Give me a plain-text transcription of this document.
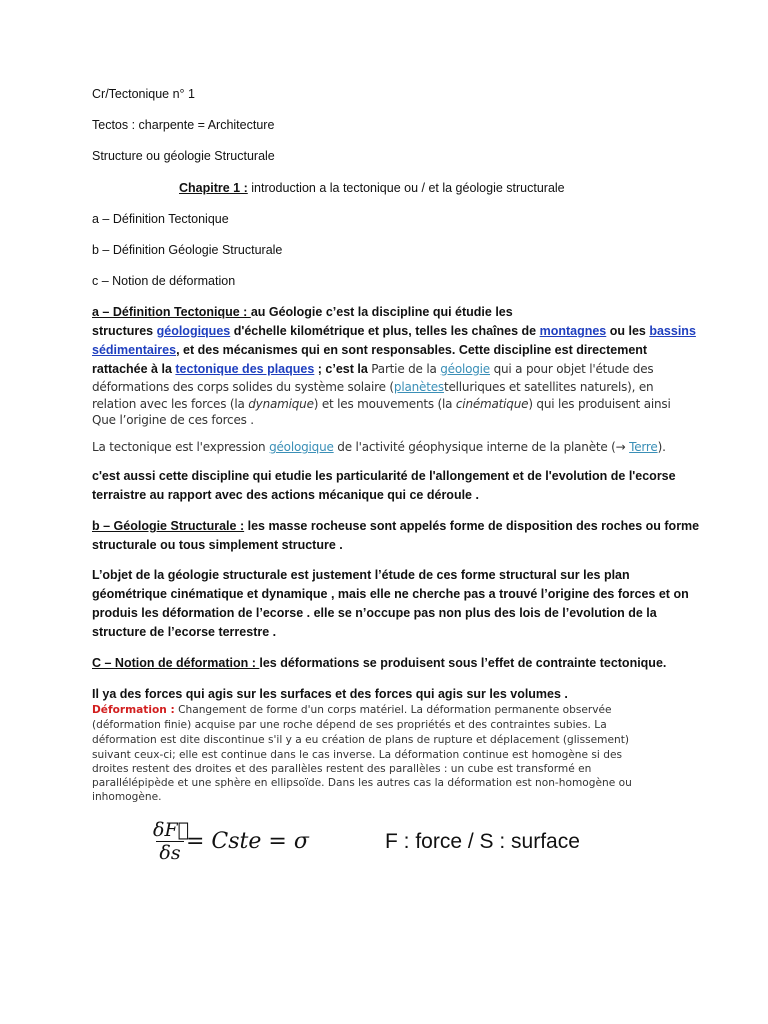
Cr/Tectonique n° 1
Tectos : charpente = Architecture
Structure ou géologie Structurale
Chapitre 1 : introduction a la tectonique ou / et la géologie structurale
a – Définition Tectonique
b – Définition Géologie Structurale
c – Notion de déformation
a – Définition Tectonique : au Géologie c’est la discipline qui étudie les
structures géologiques d'échelle kilométrique et plus, telles les chaînes de montagnes ou les bassins
sédimentaires, et des mécanismes qui en sont responsables. Cette discipline est directement
rattachée à la tectonique des plaques ; c’est la Partie de la géologie qui a pour objet l'étude des
déformations des corps solides du système solaire (planètestelluriques et satellites naturels), en
relation avec les forces (la dynamique) et les mouvements (la cinématique) qui les produisent ainsi
Que l’origine de ces forces .
La tectonique est l'expression géologique de l'activité géophysique interne de la planète (→ Terre).
c'est aussi cette discipline qui etudie les particularité de l'allongement et de l'evolution de l'ecorse
terraistre au rapport avec des actions mécanique qui ce déroule .
b – Géologie Structurale : les masse rocheuse sont appelés forme de disposition des roches ou forme
structurale ou tous simplement structure .
L’objet de la géologie structurale est justement l’étude de ces forme structural sur les plan
géométrique cinématique et dynamique , mais elle ne cherche pas a trouvé l’origine des forces et on
produis les déformation de l’ecorse . elle se n’occupe pas non plus des lois de l’evolution de la
structure de l’ecorse terrestre .
C – Notion de déformation : les déformations se produisent sous l’effet de contrainte tectonique.
Il ya des forces qui agis sur les surfaces et des forces qui agis sur les volumes .
Déformation : Changement de forme d'un corps matériel. La déformation permanente observée
(déformation finie) acquise par une roche dépend de ses propriétés et des contraintes subies. La
déformation est dite discontinue s'il y a eu création de plans de rupture et déplacement (glissement)
suivant ceux-ci; elle est continue dans le cas inverse. La déformation continue est homogène si des
droites restent des droites et des parallèles restent des parallèles : un cube est transformé en
parallélépipède et une sphère en ellipsoïde. Dans les autres cas la déformation est non-homogène ou
inhomogène.
δF⃗
δs = Cste = σ	F : force / S : surface
